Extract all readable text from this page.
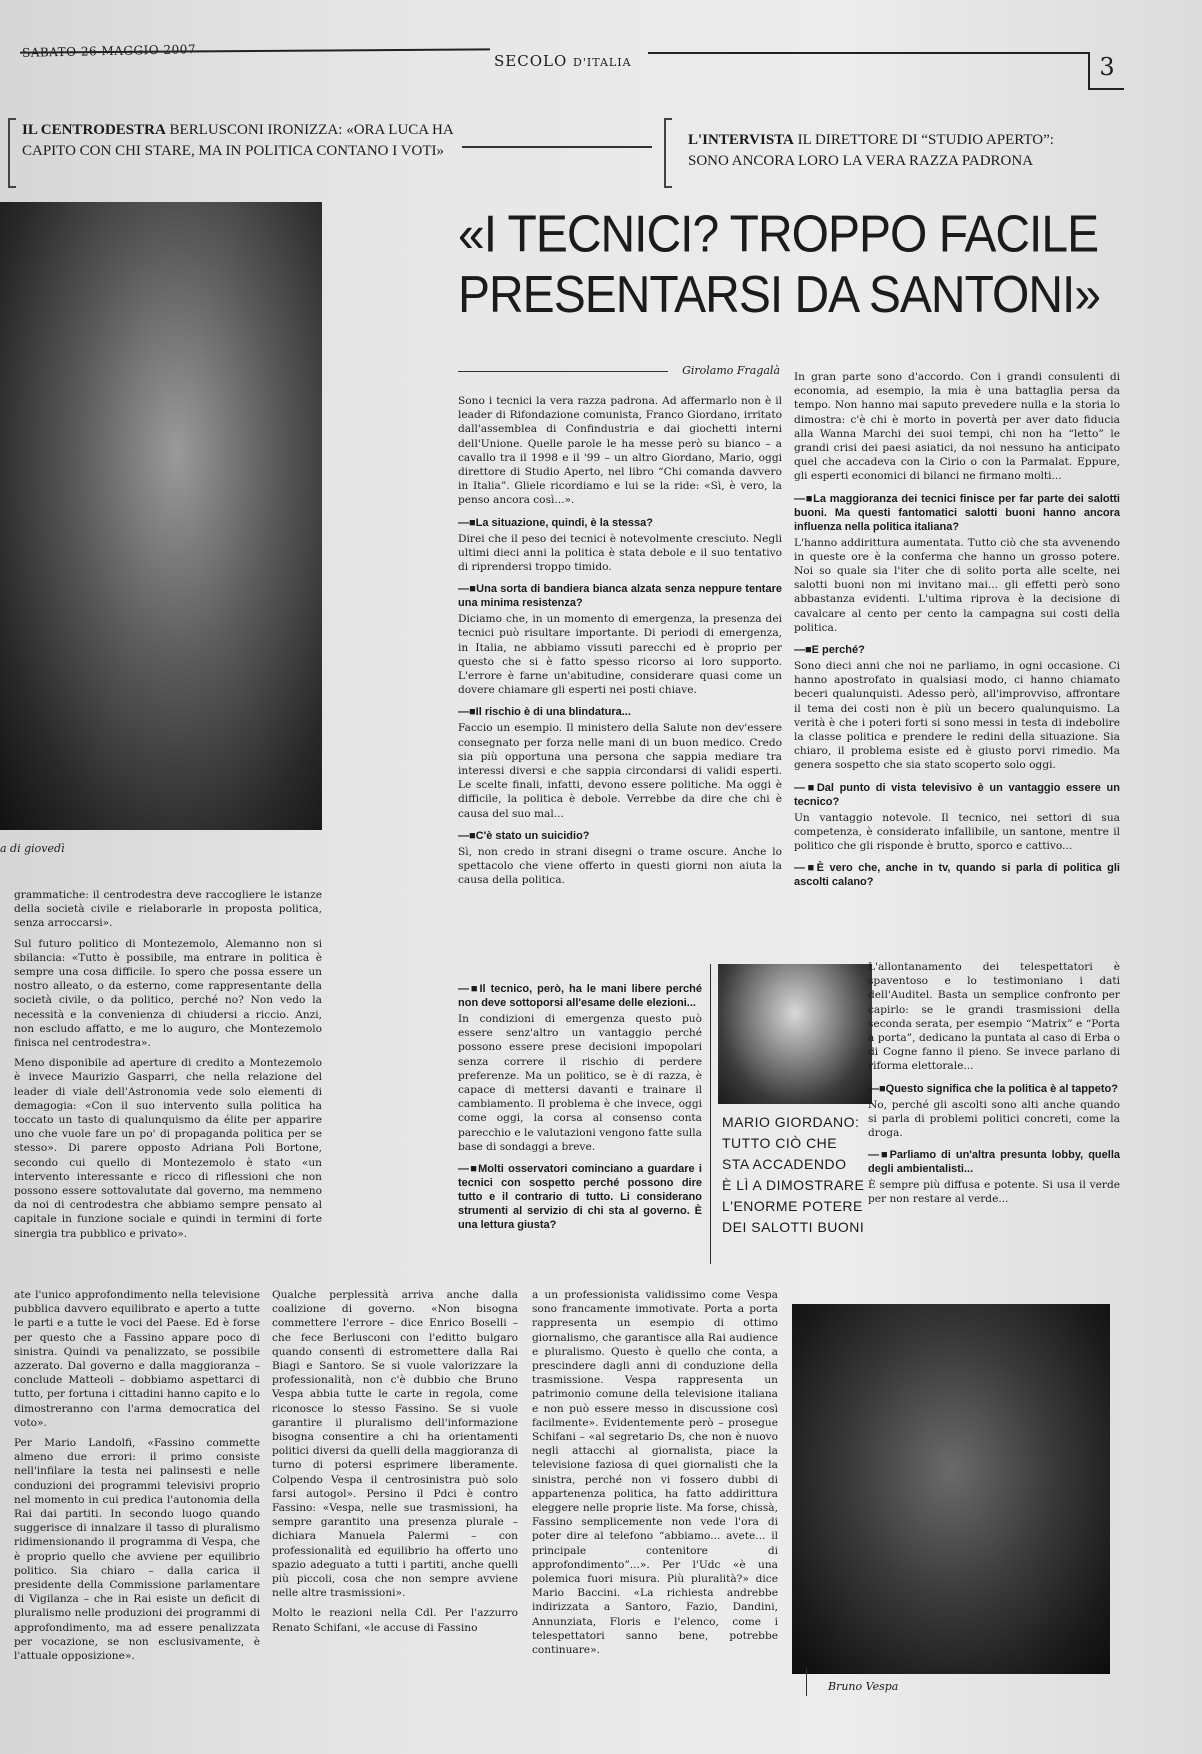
SECOLO D'ITALIA	3
IL CENTRODESTRA BERLUSCONI IRONIZZA: «ORA LUCA HA CAPITO CON CHI STARE, MA IN POLITICA CONTANO I VOTI»
L'INTERVISTA IL DIRETTORE DI “STUDIO APERTO”: SONO ANCORA LORO LA VERA RAZZA PADRONA
«I TECNICI? TROPPO FACILE PRESENTARSI DA SANTONI»
a di giovedì

grammatiche: il centrodestra deve raccogliere le istanze della società civile e rielaborarle in proposta politica, senza arroccarsi».

Sul futuro politico di Montezemolo, Alemanno non si sbilancia: «Tutto è possibile, ma entrare in politica è sempre una cosa difficile. Io spero che possa essere un nostro alleato, o da esterno, come rappresentante della società civile, o da politico, perché no? Non vedo la necessità e la convenienza di chiudersi a riccio. Anzi, non escludo affatto, e me lo auguro, che Montezemolo finisca nel centrodestra».

Meno disponibile ad aperture di credito a Montezemolo è invece Maurizio Gasparri, che nella relazione del leader di viale dell'Astronomia vede solo elementi di demagogia: «Con il suo intervento sulla politica ha toccato un tasto di qualunquismo da élite per apparire uno che vuole fare un po' di propaganda politica per se stesso». Di parere opposto Adriana Poli Bortone, secondo cui quello di Montezemolo è stato «un intervento interessante e ricco di riflessioni che non possono essere sottovalutate dal governo, ma nemmeno da noi di centrodestra che abbiamo sempre pensato al capitale in funzione sociale e quindi in termini di forte sinergia tra pubblico e privato».

Girolamo Fragalà

Sono i tecnici la vera razza padrona. Ad affermarlo non è il leader di Rifondazione comunista, Franco Giordano, irritato dall'assemblea di Confindustria e dai giochetti interni dell'Unione. Quelle parole le ha messe però su bianco – a cavallo tra il 1998 e il '99 – un altro Giordano, Mario, oggi direttore di Studio Aperto, nel libro “Chi comanda davvero in Italia”. Gliele ricordiamo e lui se la ride: «Sì, è vero, la penso ancora così...».

—■ La situazione, quindi, è la stessa?

Direi che il peso dei tecnici è notevolmente cresciuto. Negli ultimi dieci anni la politica è stata debole e il suo tentativo di riprendersi troppo timido.

—■ Una sorta di bandiera bianca alzata senza neppure tentare una minima resistenza?

Diciamo che, in un momento di emergenza, la presenza dei tecnici può risultare importante. Di periodi di emergenza, in Italia, ne abbiamo vissuti parecchi ed è proprio per questo che si è fatto spesso ricorso ai loro supporto. L'errore è farne un'abitudine, considerare quasi come un dovere chiamare gli esperti nei posti chiave.

—■ Il rischio è di una blindatura...

Faccio un esempio. Il ministero della Salute non dev'essere consegnato per forza nelle mani di un buon medico. Credo sia più opportuna una persona che sappia mediare tra interessi diversi e che sappia circondarsi di validi esperti. Le scelte finali, infatti, devono essere politiche. Ma oggi è difficile, la politica è debole. Verrebbe da dire che chi è causa del suo mal...

—■ C'è stato un suicidio?

Sì, non credo in strani disegni o trame oscure. Anche lo spettacolo che viene offerto in questi giorni non aiuta la causa della politica.

—■ Il tecnico, però, ha le mani libere perché non deve sottoporsi all'esame delle elezioni...

In condizioni di emergenza questo può essere senz'altro un vantaggio perché possono essere prese decisioni impopolari senza correre il rischio di perdere preferenze. Ma un politico, se è di razza, è capace di mettersi davanti e trainare il cambiamento. Il problema è che invece, oggi come oggi, la corsa al consenso conta parecchio e le valutazioni vengono fatte sulla base di sondaggi a breve.

—■ Molti osservatori cominciano a guardare i tecnici con sospetto perché possono dire tutto e il contrario di tutto. Li considerano strumenti al servizio di chi sta al governo. È una lettura giusta?
MARIO GIORDANO:
TUTTO CIÒ CHE
STA ACCADENDO
È LÌ A DIMOSTRARE
L'ENORME POTERE
DEI SALOTTI BUONI

In gran parte sono d'accordo. Con i grandi consulenti di economia, ad esempio, la mia è una battaglia persa da tempo. Non hanno mai saputo prevedere nulla e la storia lo dimostra: c'è chi è morto in povertà per aver dato fiducia alla Wanna Marchi dei suoi tempi, chi non ha “letto” le grandi crisi dei paesi asiatici, da noi nessuno ha anticipato quel che accadeva con la Cirio o con la Parmalat. Eppure, gli esperti economici di bilanci ne firmano molti...

—■ La maggioranza dei tecnici finisce per far parte dei salotti buoni. Ma questi fantomatici salotti buoni hanno ancora influenza nella politica italiana?

L'hanno addirittura aumentata. Tutto ciò che sta avvenendo in queste ore è la conferma che hanno un grosso potere. Noi so quale sia l'iter che di solito porta alle scelte, nei salotti buoni non mi invitano mai... gli effetti però sono abbastanza evidenti. L'ultima riprova è la decisione di cavalcare al cento per cento la campagna sui costi della politica.

—■ E perché?

Sono dieci anni che noi ne parliamo, in ogni occasione. Ci hanno apostrofato in qualsiasi modo, ci hanno chiamato beceri qualunquisti. Adesso però, all'improvviso, affrontare il tema dei costi non è più un becero qualunquismo. La verità è che i poteri forti si sono messi in testa di indebolire la classe politica e prendere le redini della situazione. Sia chiaro, il problema esiste ed è giusto porvi rimedio. Ma genera sospetto che sia stato scoperto solo oggi.

—■ Dal punto di vista televisivo è un vantaggio essere un tecnico?

Un vantaggio notevole. Il tecnico, nei settori di sua competenza, è considerato infallibile, un santone, mentre il politico che gli risponde è brutto, sporco e cattivo...

—■ È vero che, anche in tv, quando si parla di politica gli ascolti calano?

L'allontanamento dei telespettatori è spaventoso e lo testimoniano i dati dell'Auditel. Basta un semplice confronto per capirlo: se le grandi trasmissioni della seconda serata, per esempio “Matrix” e “Porta a porta”, dedicano la puntata al caso di Erba o di Cogne fanno il pieno. Se invece parlano di riforma elettorale...

—■ Questo significa che la politica è al tappeto?

No, perché gli ascolti sono alti anche quando si parla di problemi politici concreti, come la droga.

—■ Parliamo di un'altra presunta lobby, quella degli ambientalisti...

È sempre più diffusa e potente. Si usa il verde per non restare al verde...

ate l'unico approfondimento nella televisione pubblica davvero equilibrato e aperto a tutte le parti e a tutte le voci del Paese. Ed è forse per questo che a Fassino appare poco di sinistra. Quindi va penalizzato, se possibile azzerato. Dal governo e dalla maggioranza – conclude Matteoli – dobbiamo aspettarci di tutto, per fortuna i cittadini hanno capito e lo dimostreranno con l'arma democratica del voto».

Per Mario Landolfi, «Fassino commette almeno due errori: il primo consiste nell'infilare la testa nei palinsesti e nelle conduzioni dei programmi televisivi proprio nel momento in cui predica l'autonomia della Rai dai partiti. In secondo luogo quando suggerisce di innalzare il tasso di pluralismo ridimensionando il programma di Vespa, che è proprio quello che avviene per equilibrio politico. Sia chiaro – dalla carica il presidente della Commissione parlamentare di Vigilanza – che in Rai esiste un deficit di pluralismo nelle produzioni dei programmi di approfondimento, ma ad essere penalizzata per vocazione, se non esclusivamente, è l'attuale opposizione».

Qualche perplessità arriva anche dalla coalizione di governo. «Non bisogna commettere l'errore – dice Enrico Boselli – che fece Berlusconi con l'editto bulgaro quando consentì di estromettere dalla Rai Biagi e Santoro. Se si vuole valorizzare la professionalità, non c'è dubbio che Bruno Vespa abbia tutte le carte in regola, come riconosce lo stesso Fassino. Se si vuole garantire il pluralismo dell'informazione bisogna consentire a chi ha orientamenti politici diversi da quelli della maggioranza di turno di potersi esprimere liberamente. Colpendo Vespa il centrosinistra può solo farsi autogol». Persino il Pdci è contro Fassino: «Vespa, nelle sue trasmissioni, ha sempre garantito una presenza plurale – dichiara Manuela Palermi – con professionalità ed equilibrio ha offerto uno spazio adeguato a tutti i partiti, anche quelli più piccoli, cosa che non sempre avviene nelle altre trasmissioni».

Molto le reazioni nella Cdl. Per l'azzurro Renato Schifani, «le accuse di Fassino

a un professionista validissimo come Vespa sono francamente immotivate. Porta a porta rappresenta un esempio di ottimo giornalismo, che garantisce alla Rai audience e pluralismo. Questo è quello che conta, a prescindere dagli anni di conduzione della trasmissione. Vespa rappresenta un patrimonio comune della televisione italiana e non può essere messo in discussione così facilmente». Evidentemente però – prosegue Schifani – «al segretario Ds, che non è nuovo negli attacchi al giornalista, piace la televisione faziosa di quei giornalisti che la sinistra, perché non vi fossero dubbi di appartenenza politica, ha fatto addirittura eleggere nelle proprie liste. Ma forse, chissà, Fassino semplicemente non vede l'ora di poter dire al telefono “abbiamo... avete... il principale contenitore di approfondimento”...». Per l'Udc «è una polemica fuori misura. Più pluralità?» dice Mario Baccini. «La richiesta andrebbe indirizzata a Santoro, Fazio, Dandini, Annunziata, Floris e l'elenco, come i telespettatori sanno bene, potrebbe continuare».

Bruno Vespa
